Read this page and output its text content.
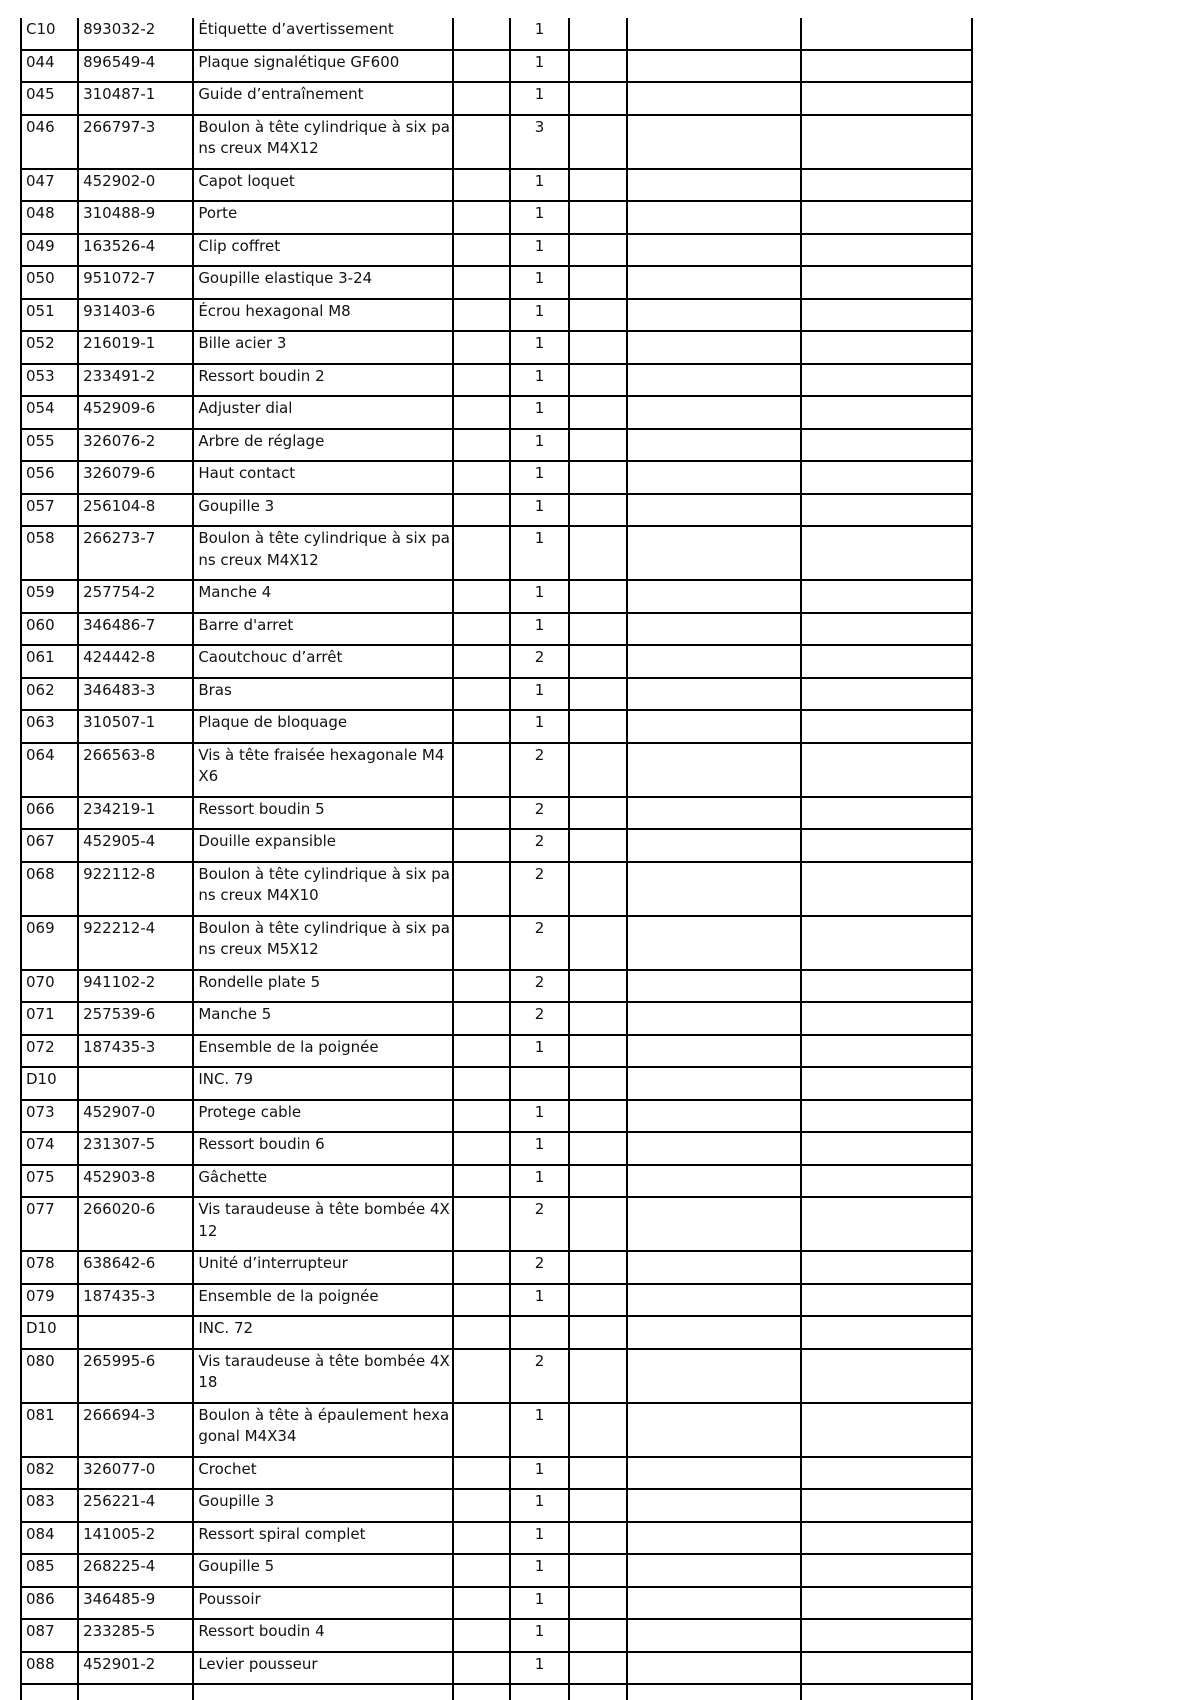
C10	893032-2	Étiquette d’avertissement		1			
044	896549-4	Plaque signalétique GF600		1			
045	310487-1	Guide d’entraînement		1			
046	266797-3	Boulon à tête cylindrique à six pans creux M4X12		3			
047	452902-0	Capot loquet		1			
048	310488-9	Porte		1			
049	163526-4	Clip coffret		1			
050	951072-7	Goupille elastique 3-24		1			
051	931403-6	Écrou hexagonal M8		1			
052	216019-1	Bille acier 3		1			
053	233491-2	Ressort boudin 2		1			
054	452909-6	Adjuster dial		1			
055	326076-2	Arbre de réglage		1			
056	326079-6	Haut contact		1			
057	256104-8	Goupille 3		1			
058	266273-7	Boulon à tête cylindrique à six pans creux M4X12		1			
059	257754-2	Manche 4		1			
060	346486-7	Barre d'arret		1			
061	424442-8	Caoutchouc d’arrêt		2			
062	346483-3	Bras		1			
063	310507-1	Plaque de bloquage		1			
064	266563-8	Vis à tête fraisée hexagonale M4X6		2			
066	234219-1	Ressort boudin 5		2			
067	452905-4	Douille expansible		2			
068	922112-8	Boulon à tête cylindrique à six pans creux M4X10		2			
069	922212-4	Boulon à tête cylindrique à six pans creux M5X12		2			
070	941102-2	Rondelle plate 5		2			
071	257539-6	Manche 5		2			
072	187435-3	Ensemble de la poignée		1			
D10		INC. 79					

073	452907-0	Protege cable		1			
074	231307-5	Ressort boudin 6		1			
075	452903-8	Gâchette		1			
077	266020-6	Vis taraudeuse à tête bombée 4X12		2			
078	638642-6	Unité d’interrupteur		2			
079	187435-3	Ensemble de la poignée		1			
D10		INC. 72					

080	265995-6	Vis taraudeuse à tête bombée 4X18		2			
081	266694-3	Boulon à tête à épaulement hexagonal M4X34		1			
082	326077-0	Crochet		1			
083	256221-4	Goupille 3		1			
084	141005-2	Ressort spiral complet		1			
085	268225-4	Goupille 5		1			
086	346485-9	Poussoir		1			
087	233285-5	Ressort boudin 4		1			
088	452901-2	Levier pousseur		1			
